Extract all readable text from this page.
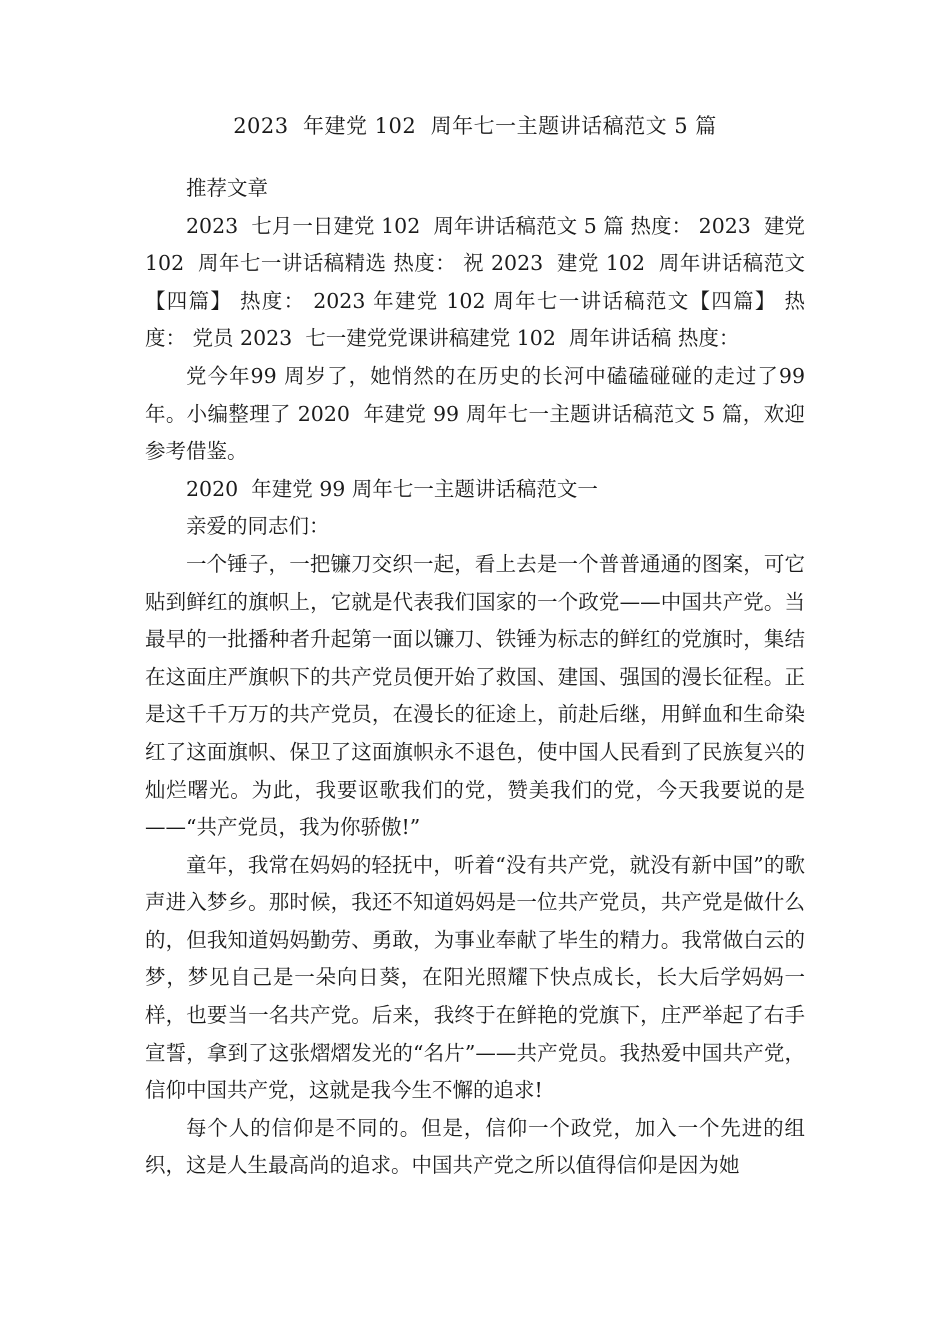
2023  年建党 102  周年七一主题讲话稿范文 5 篇

推荐文章

2023  七月一日建党 102  周年讲话稿范文 5 篇 热度： 2023  建党 102  周年七一讲话稿精选 热度： 祝 2023  建党 102  周年讲话稿范文【四篇】 热度： 2023 年建党 102 周年七一讲话稿范文【四篇】 热度： 党员 2023  七一建党党课讲稿建党 102  周年讲话稿 热度：

党今年99 周岁了，她悄然的在历史的长河中磕磕碰碰的走过了99 年。小编整理了 2020  年建党 99 周年七一主题讲话稿范文 5 篇，欢迎参考借鉴。

2020  年建党 99 周年七一主题讲话稿范文一

亲爱的同志们：

一个锤子，一把镰刀交织一起，看上去是一个普普通通的图案，可它贴到鲜红的旗帜上，它就是代表我们国家的一个政党——中国共产党。当最早的一批播种者升起第一面以镰刀、铁锤为标志的鲜红的党旗时，集结在这面庄严旗帜下的共产党员便开始了救国、建国、强国的漫长征程。正是这千千万万的共产党员，在漫长的征途上，前赴后继，用鲜血和生命染红了这面旗帜、保卫了这面旗帜永不退色，使中国人民看到了民族复兴的灿烂曙光。为此，我要讴歌我们的党，赞美我们的党，今天我要说的是——“共产党员，我为你骄傲!”

童年，我常在妈妈的轻抚中，听着“没有共产党，就没有新中国”的歌声进入梦乡。那时候，我还不知道妈妈是一位共产党员，共产党是做什么的，但我知道妈妈勤劳、勇敢，为事业奉献了毕生的精力。我常做白云的梦，梦见自己是一朵向日葵，在阳光照耀下快点成长，长大后学妈妈一样，也要当一名共产党。后来，我终于在鲜艳的党旗下，庄严举起了右手宣誓，拿到了这张熠熠发光的“名片”——共产党员。我热爱中国共产党，信仰中国共产党，这就是我今生不懈的追求!

每个人的信仰是不同的。但是，信仰一个政党，加入一个先进的组织，这是人生最高尚的追求。中国共产党之所以值得信仰是因为她
